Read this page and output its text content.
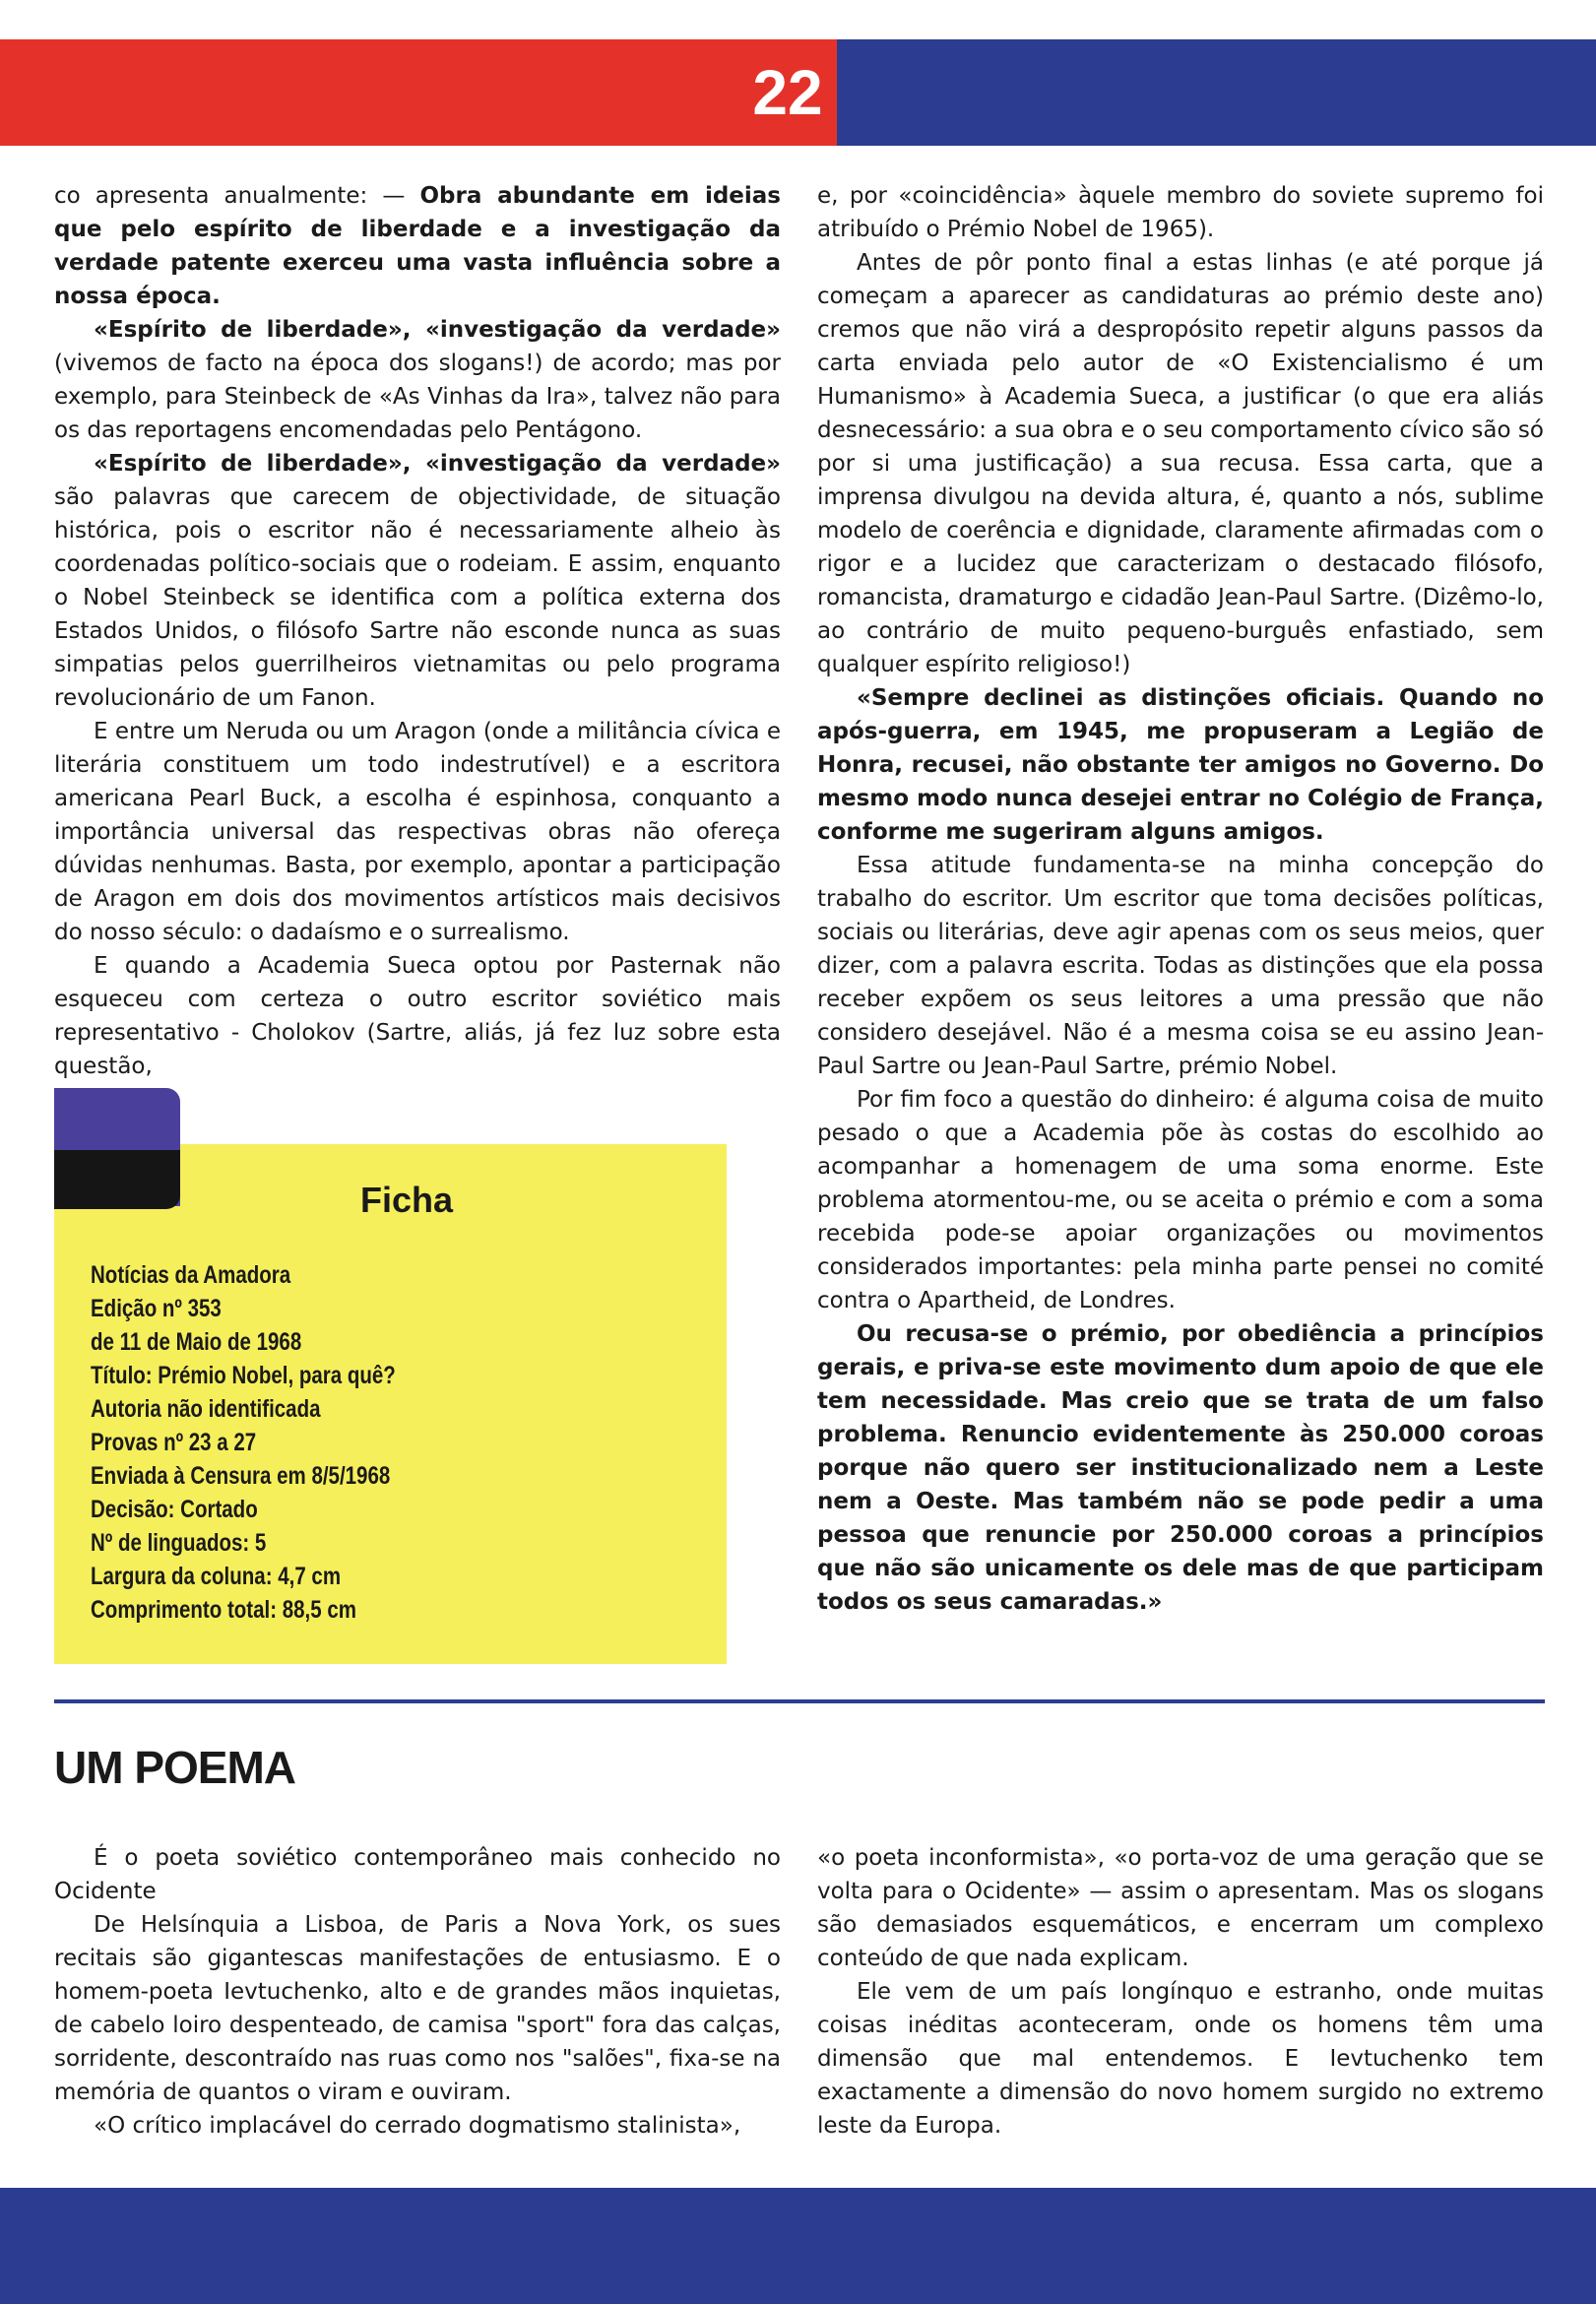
22

co apresenta anualmente: — Obra abundante em ideias que pelo espírito de liberdade e a investigação da verdade patente exerceu uma vasta influência sobre a nossa época.

«Espírito de liberdade», «investigação da verdade» (vivemos de facto na época dos slogans!) de acordo; mas por exemplo, para Steinbeck de «As Vinhas da Ira», talvez não para os das reportagens encomendadas pelo Pentágono.

«Espírito de liberdade», «investigação da verdade» são palavras que carecem de objectividade, de situação histórica, pois o escritor não é necessariamente alheio às coordenadas político-sociais que o rodeiam. E assim, enquanto o Nobel Steinbeck se identifica com a política externa dos Estados Unidos, o filósofo Sartre não esconde nunca as suas simpatias pelos guerrilheiros vietnamitas ou pelo programa revolucionário de um Fanon.

E entre um Neruda ou um Aragon (onde a militância cívica e literária constituem um todo indestrutível) e a escritora americana Pearl Buck, a escolha é espinhosa, conquanto a importância universal das respectivas obras não ofereça dúvidas nenhumas. Basta, por exemplo, apontar a participação de Aragon em dois dos movimentos artísticos mais decisivos do nosso século: o dadaísmo e o surrealismo.

E quando a Academia Sueca optou por Pasternak não esqueceu com certeza o outro escritor soviético mais representativo - Cholokov (Sartre, aliás, já fez luz sobre esta questão,

e, por «coincidência» àquele membro do soviete supremo foi atribuído o Prémio Nobel de 1965).

Antes de pôr ponto final a estas linhas (e até porque já começam a aparecer as candidaturas ao prémio deste ano) cremos que não virá a despropósito repetir alguns passos da carta enviada pelo autor de «O Existencialismo é um Humanismo» à Academia Sueca, a justificar (o que era aliás desnecessário: a sua obra e o seu comportamento cívico são só por si uma justificação) a sua recusa. Essa carta, que a imprensa divulgou na devida altura, é, quanto a nós, sublime modelo de coerência e dignidade, claramente afirmadas com o rigor e a lucidez que caracterizam o destacado filósofo, romancista, dramaturgo e cidadão Jean-Paul Sartre. (Dizêmo-lo, ao contrário de muito pequeno-burguês enfastiado, sem qualquer espírito religioso!)

«Sempre declinei as distinções oficiais. Quando no após-guerra, em 1945, me propuseram a Legião de Honra, recusei, não obstante ter amigos no Governo. Do mesmo modo nunca desejei entrar no Colégio de França, conforme me sugeriram alguns amigos.

Essa atitude fundamenta-se na minha concepção do trabalho do escritor. Um escritor que toma decisões políticas, sociais ou literárias, deve agir apenas com os seus meios, quer dizer, com a palavra escrita. Todas as distinções que ela possa receber expõem os seus leitores a uma pressão que não considero desejável. Não é a mesma coisa se eu assino Jean-Paul Sartre ou Jean-Paul Sartre, prémio Nobel.

Por fim foco a questão do dinheiro: é alguma coisa de muito pesado o que a Academia põe às costas do escolhido ao acompanhar a homenagem de uma soma enorme. Este problema atormentou-me, ou se aceita o prémio e com a soma recebida pode-se apoiar organizações ou movimentos considerados importantes: pela minha parte pensei no comité contra o Apartheid, de Londres.

Ou recusa-se o prémio, por obediência a princípios gerais, e priva-se este movimento dum apoio de que ele tem necessidade. Mas creio que se trata de um falso problema. Renuncio evidentemente às 250.000 coroas porque não quero ser institucionalizado nem a Leste nem a Oeste. Mas também não se pode pedir a uma pessoa que renuncie por 250.000 coroas a princípios que não são unicamente os dele mas de que participam todos os seus camaradas.»

Ficha
Notícias da Amadora
Edição nº 353
de 11 de Maio de 1968
Título: Prémio Nobel, para quê?
Autoria não identificada
Provas nº 23 a 27
Enviada à Censura em 8/5/1968
Decisão: Cortado
Nº de linguados: 5
Largura da coluna: 4,7 cm
Comprimento total: 88,5 cm
UM POEMA

É o poeta soviético contemporâneo mais conhecido no Ocidente

De Helsínquia a Lisboa, de Paris a Nova York, os sues recitais são gigantescas manifestações de entusiasmo. E o homem-poeta Ievtuchenko, alto e de grandes mãos inquietas, de cabelo loiro despenteado, de camisa "sport" fora das calças, sorridente, descontraído nas ruas como nos "salões", fixa-se na memória de quantos o viram e ouviram.

«O crítico implacável do cerrado dogmatismo stalinista»,

«o poeta inconformista», «o porta-voz de uma geração que se volta para o Ocidente» — assim o apresentam. Mas os slogans são demasiados esquemáticos, e encerram um complexo conteúdo de que nada explicam.

Ele vem de um país longínquo e estranho, onde muitas coisas inéditas aconteceram, onde os homens têm uma dimensão que mal entendemos. E Ievtuchenko tem exactamente a dimensão do novo homem surgido no extremo leste da Europa.
